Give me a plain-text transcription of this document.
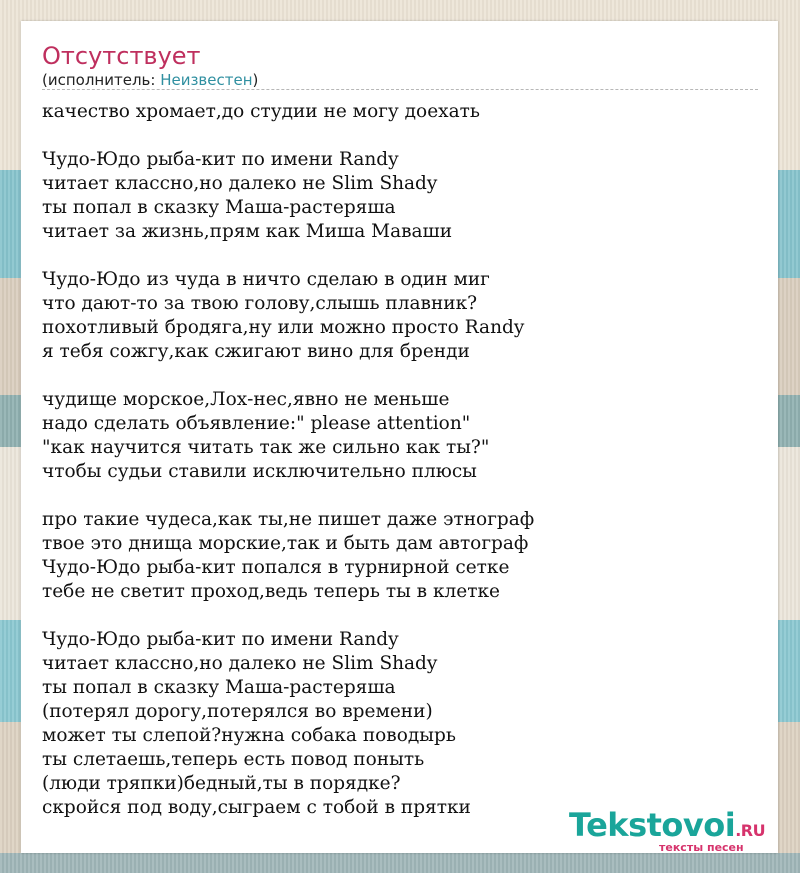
Отсутствует
(исполнитель: Неизвестен)
качество хромает,до студии не могу доехать
Чудо-Юдо рыба-кит по имени Randy
читает классно,но далеко не Slim Shady
ты попал в сказку Маша-растеряша
читает за жизнь,прям как Миша Маваши
Чудо-Юдо из чуда в ничто сделаю в один миг
что дают-то за твою голову,слышь плавник?
похотливый бродяга,ну или можно просто Randy
я тебя сожгу,как сжигают вино для бренди
чудище морское,Лох-нес,явно не меньше
надо сделать объявление:" please attention"
"как научится читать так же сильно как ты?"
чтобы судьи ставили исключительно плюсы
про такие чудеса,как ты,не пишет даже этнограф
твое это днища морские,так и быть дам автограф
Чудо-Юдо рыба-кит попался в турнирной сетке
тебе не светит проход,ведь теперь ты в клетке
Чудо-Юдо рыба-кит по имени Randy
читает классно,но далеко не Slim Shady
ты попал в сказку Маша-растеряша
(потерял дорогу,потерялся во времени)
может ты слепой?нужна собака поводырь
ты слетаешь,теперь есть повод поныть
(люди тряпки)бедный,ты в порядке?
скройся под воду,сыграем с тобой в прятки	Tekstovoi.RU
тексты песен
